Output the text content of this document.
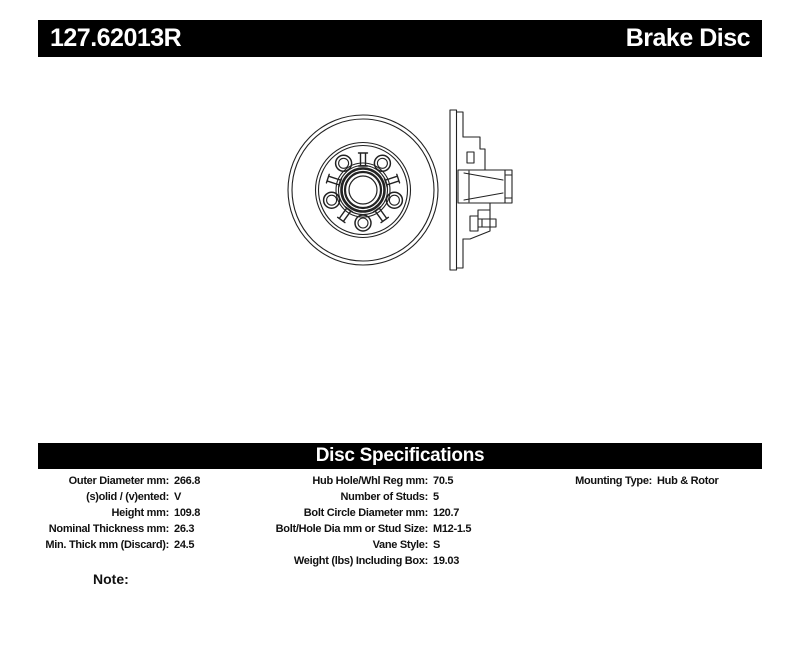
127.62013R	Brake Disc
Disc Specifications
Outer Diameter mm: 266.8
(s)olid / (v)ented: V
Height mm: 109.8
Nominal Thickness mm: 26.3
Min. Thick mm (Discard): 24.5
Hub Hole/Whl Reg mm: 70.5
Number of Studs: 5
Bolt Circle Diameter mm: 120.7
Bolt/Hole Dia mm or Stud Size: M12-1.5
Vane Style: S
Weight (lbs) Including Box: 19.03
Mounting Type: Hub & Rotor
Note:
